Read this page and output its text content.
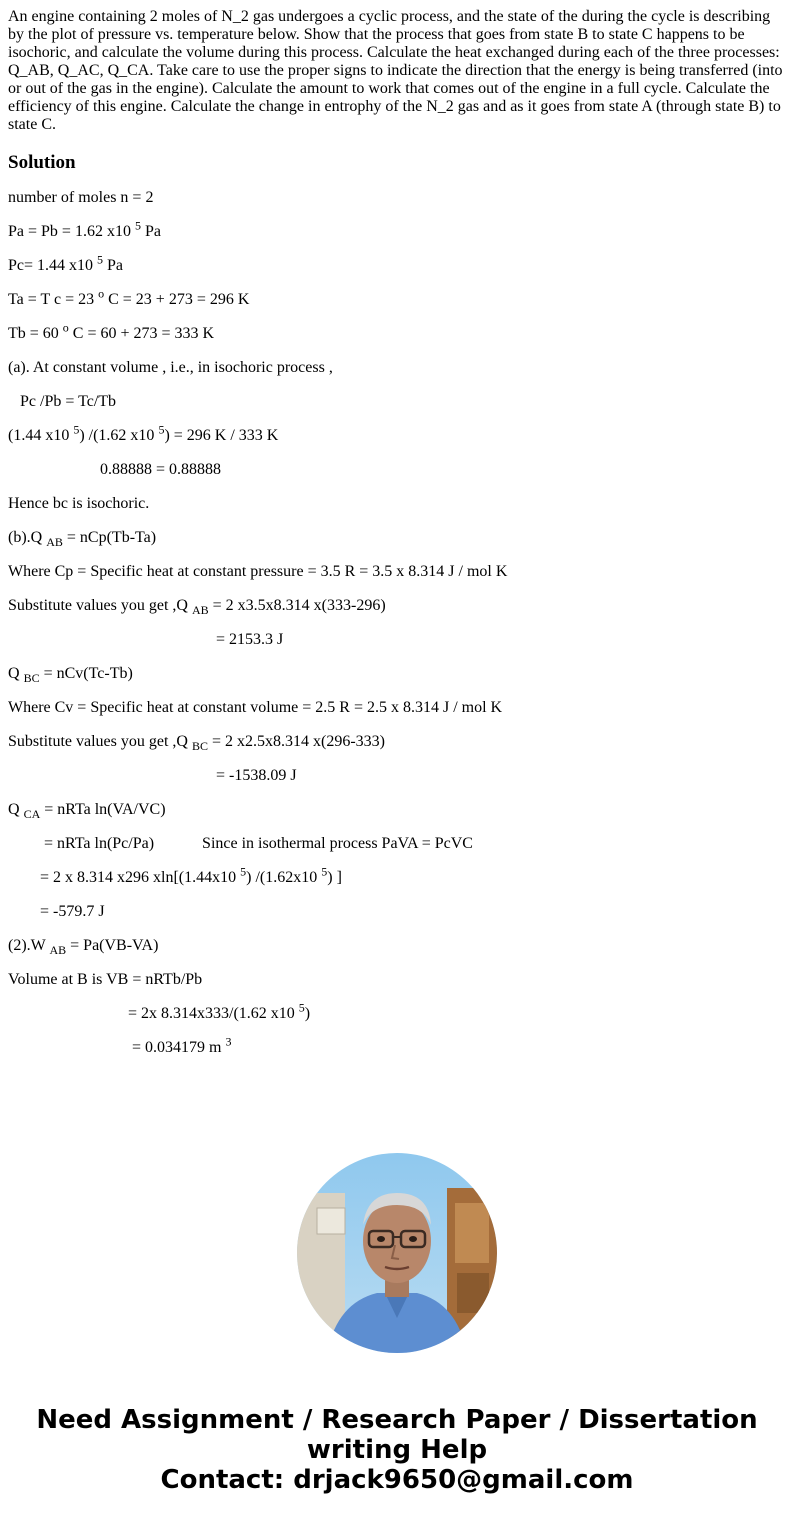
An engine containing 2 moles of N_2 gas undergoes a cyclic process, and the state of the during the cycle is describing by the plot of pressure vs. temperature below. Show that the process that goes from state B to state C happens to be isochoric, and calculate the volume during this process. Calculate the heat exchanged during each of the three processes: Q_AB, Q_AC, Q_CA. Take care to use the proper signs to indicate the direction that the energy is being transferred (into or out of the gas in the engine). Calculate the amount to work that comes out of the engine in a full cycle. Calculate the efficiency of this engine. Calculate the change in entrophy of the N_2 gas and as it goes from state A (through state B) to state C.
Solution
number of moles n = 2
Pa = Pb = 1.62 x10 $^5$ Pa
Pc= 1.44 x10 $^5$ Pa
Ta = T c = 23 $^o$ C = 23 + 273 = 296 K
Tb = 60 $^o$ C = 60 + 273 = 333 K
(a). At constant volume , i.e., in isochoric process ,
Pc /Pb = Tc/Tb
(1.44 x10 $^5$) /(1.62 x10 $^5$) = 296 K / 333 K
0.88888 = 0.88888
Hence bc is isochoric.
(b).Q $_{AB}$ = nCp(Tb-Ta)
Where Cp = Specific heat at constant pressure = 3.5 R = 3.5 x 8.314 J / mol K
Substitute values you get ,Q $_{AB}$ = 2 x3.5x8.314 x(333-296)
= 2153.3 J
Q $_{BC}$ = nCv(Tc-Tb)
Where Cv = Specific heat at constant volume = 2.5 R = 2.5 x 8.314 J / mol K
Substitute values you get ,Q $_{BC}$ = 2 x2.5x8.314 x(296-333)
= -1538.09 J
Q $_{CA}$ = nRTa ln(VA/VC)
= nRTa ln(Pc/Pa)            Since in isothermal process PaVA = PcVC
= 2 x 8.314 x296 xln[(1.44x10 $^5$) /(1.62x10 $^5$) ]
= -579.7 J
(2).W $_{AB}$ = Pa(VB-VA)
Volume at B is VB = nRTb/Pb
= 2x 8.314x333/(1.62 x10 $^5$)
= 0.034179 m $^3$
Need Assignment / Research Paper / Dissertation
writing Help
Contact: drjack9650@gmail.com
